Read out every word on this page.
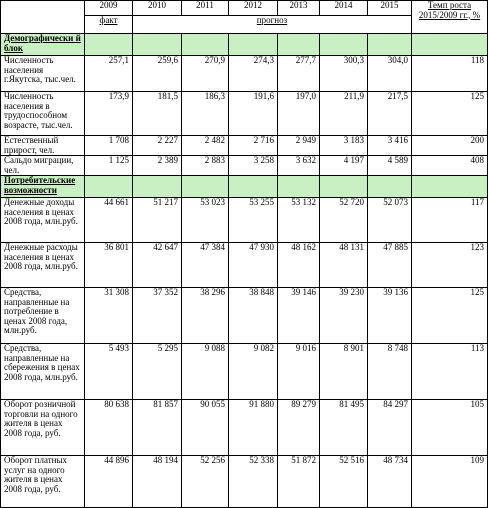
	2009	2010	2011	2012	2013	2014	2015	Темп роста 2015/2009 гг., %
	факт	прогноз						
Демографически й блок								
Численность населения г.Якутска, тыс.чел.	257,1	259,6	270,9	274,3	277,7	300,3	304,0	118
Численность населения в трудоспособном возрасте, тыс.чел.	173,9	181,5	186,3	191,6	197,0	211,9	217,5	125
Естественный прирост, чел.	1 708	2 227	2 482	2 716	2 949	3 183	3 416	200
Сальдо миграции, чел.	1 125	2 389	2 883	3 258	3 632	4 197	4 589	408
Потребительские возможности								
Денежные доходы населения в ценах 2008 года, млн.руб.	44 661	51 217	53 023	53 255	53 132	52 720	52 073	117
Денежные расходы населения в ценах 2008 года, млн.руб.	36 801	42 647	47 384	47 930	48 162	48 131	47 885	123
Средства, направленные на потребление в ценах 2008 года, млн.руб.	31 308	37 352	38 296	38 848	39 146	39 230	39 136	125
Средства, направленные на сбережения в ценах 2008 года, млн.руб.	5 493	5 295	9 088	9 082	9 016	8 901	8 748	113
Оборот розничной торговли на одного жителя в ценах 2008 года, руб.	80 638	81 857	90 055	91 880	89 279	81 495	84 297	105
Оборот платных услуг на одного жителя в ценах 2008 года, руб.	44 896	48 194	52 256	52 338	51 872	52 516	48 734	109
